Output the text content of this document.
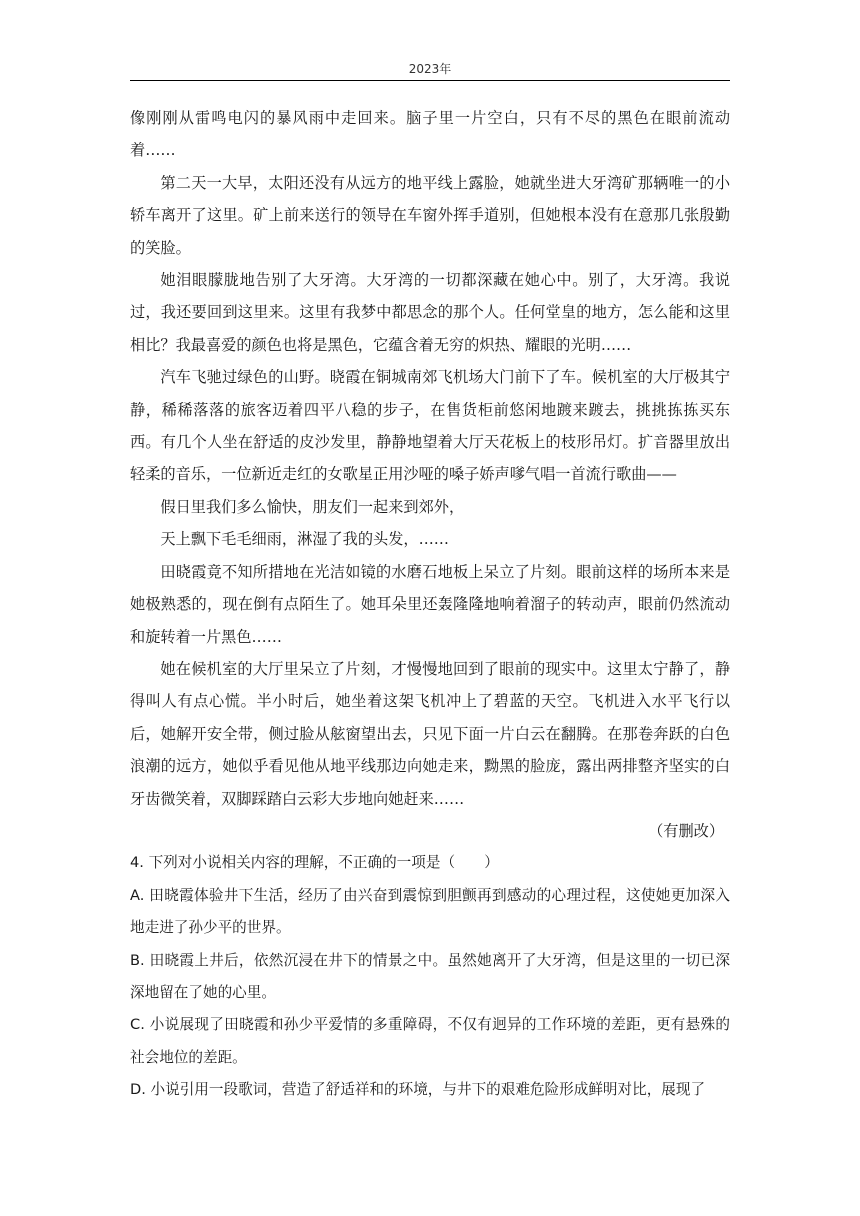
2023年

像刚刚从雷鸣电闪的暴风雨中走回来。脑子里一片空白，只有不尽的黑色在眼前流动着……

第二天一大早，太阳还没有从远方的地平线上露脸，她就坐进大牙湾矿那辆唯一的小轿车离开了这里。矿上前来送行的领导在车窗外挥手道别，但她根本没有在意那几张殷勤的笑脸。

她泪眼朦胧地告别了大牙湾。大牙湾的一切都深藏在她心中。别了，大牙湾。我说过，我还要回到这里来。这里有我梦中都思念的那个人。任何堂皇的地方，怎么能和这里相比？我最喜爱的颜色也将是黑色，它蕴含着无穷的炽热、耀眼的光明……

汽车飞驰过绿色的山野。晓霞在铜城南郊飞机场大门前下了车。候机室的大厅极其宁静，稀稀落落的旅客迈着四平八稳的步子，在售货柜前悠闲地踱来踱去，挑挑拣拣买东西。有几个人坐在舒适的皮沙发里，静静地望着大厅天花板上的枝形吊灯。扩音器里放出轻柔的音乐，一位新近走红的女歌星正用沙哑的嗓子娇声嗲气唱一首流行歌曲——

假日里我们多么愉快，朋友们一起来到郊外，

天上飘下毛毛细雨，淋湿了我的头发，……

田晓霞竟不知所措地在光洁如镜的水磨石地板上呆立了片刻。眼前这样的场所本来是她极熟悉的，现在倒有点陌生了。她耳朵里还轰隆隆地响着溜子的转动声，眼前仍然流动和旋转着一片黑色……

她在候机室的大厅里呆立了片刻，才慢慢地回到了眼前的现实中。这里太宁静了，静得叫人有点心慌。半小时后，她坐着这架飞机冲上了碧蓝的天空。飞机进入水平飞行以后，她解开安全带，侧过脸从舷窗望出去，只见下面一片白云在翻腾。在那卷奔跃的白色浪潮的远方，她似乎看见他从地平线那边向她走来，黝黑的脸庞，露出两排整齐坚实的白牙齿微笑着，双脚踩踏白云彩大步地向她赶来……

（有删改）

4. 下列对小说相关内容的理解，不正确的一项是（　　）

A. 田晓霞体验井下生活，经历了由兴奋到震惊到胆颤再到感动的心理过程，这使她更加深入地走进了孙少平的世界。

B. 田晓霞上井后，依然沉浸在井下的情景之中。虽然她离开了大牙湾，但是这里的一切已深深地留在了她的心里。

C. 小说展现了田晓霞和孙少平爱情的多重障碍，不仅有迥异的工作环境的差距，更有悬殊的社会地位的差距。

D. 小说引用一段歌词，营造了舒适祥和的环境，与井下的艰难危险形成鲜明对比，展现了
